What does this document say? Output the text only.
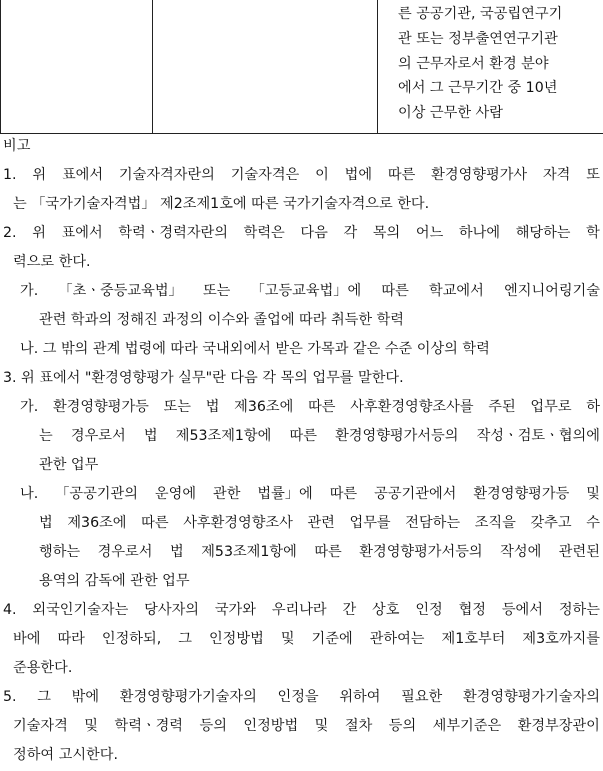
른 공공기관, 국공립연구기
관 또는 정부출연연구기관
의 근무자로서 환경 분야
에서 그 근무기간 중 10년
이상 근무한 사람
비고
1. 위 표에서 기술자격자란의 기술자격은 이 법에 따른 환경영향평가사 자격 또
는 「국가기술자격법」 제2조제1호에 따른 국가기술자격으로 한다.
2. 위 표에서 학력ㆍ경력자란의 학력은 다음 각 목의 어느 하나에 해당하는 학
력으로 한다.
가. 「초ㆍ중등교육법」 또는 「고등교육법」에 따른 학교에서 엔지니어링기술
관련 학과의 정해진 과정의 이수와 졸업에 따라 취득한 학력
나. 그 밖의 관계 법령에 따라 국내외에서 받은 가목과 같은 수준 이상의 학력
3. 위 표에서 "환경영향평가 실무"란 다음 각 목의 업무를 말한다.
가. 환경영향평가등 또는 법 제36조에 따른 사후환경영향조사를 주된 업무로 하
는 경우로서 법 제53조제1항에 따른 환경영향평가서등의 작성ㆍ검토ㆍ협의에
관한 업무
나. 「공공기관의 운영에 관한 법률」에 따른 공공기관에서 환경영향평가등 및
법 제36조에 따른 사후환경영향조사 관련 업무를 전담하는 조직을 갖추고 수
행하는 경우로서 법 제53조제1항에 따른 환경영향평가서등의 작성에 관련된
용역의 감독에 관한 업무
4. 외국인기술자는 당사자의 국가와 우리나라 간 상호 인정 협정 등에서 정하는
바에 따라 인정하되, 그 인정방법 및 기준에 관하여는 제1호부터 제3호까지를
준용한다.
5. 그 밖에 환경영향평가기술자의 인정을 위하여 필요한 환경영향평가기술자의
기술자격 및 학력ㆍ경력 등의 인정방법 및 절차 등의 세부기준은 환경부장관이
정하여 고시한다.
